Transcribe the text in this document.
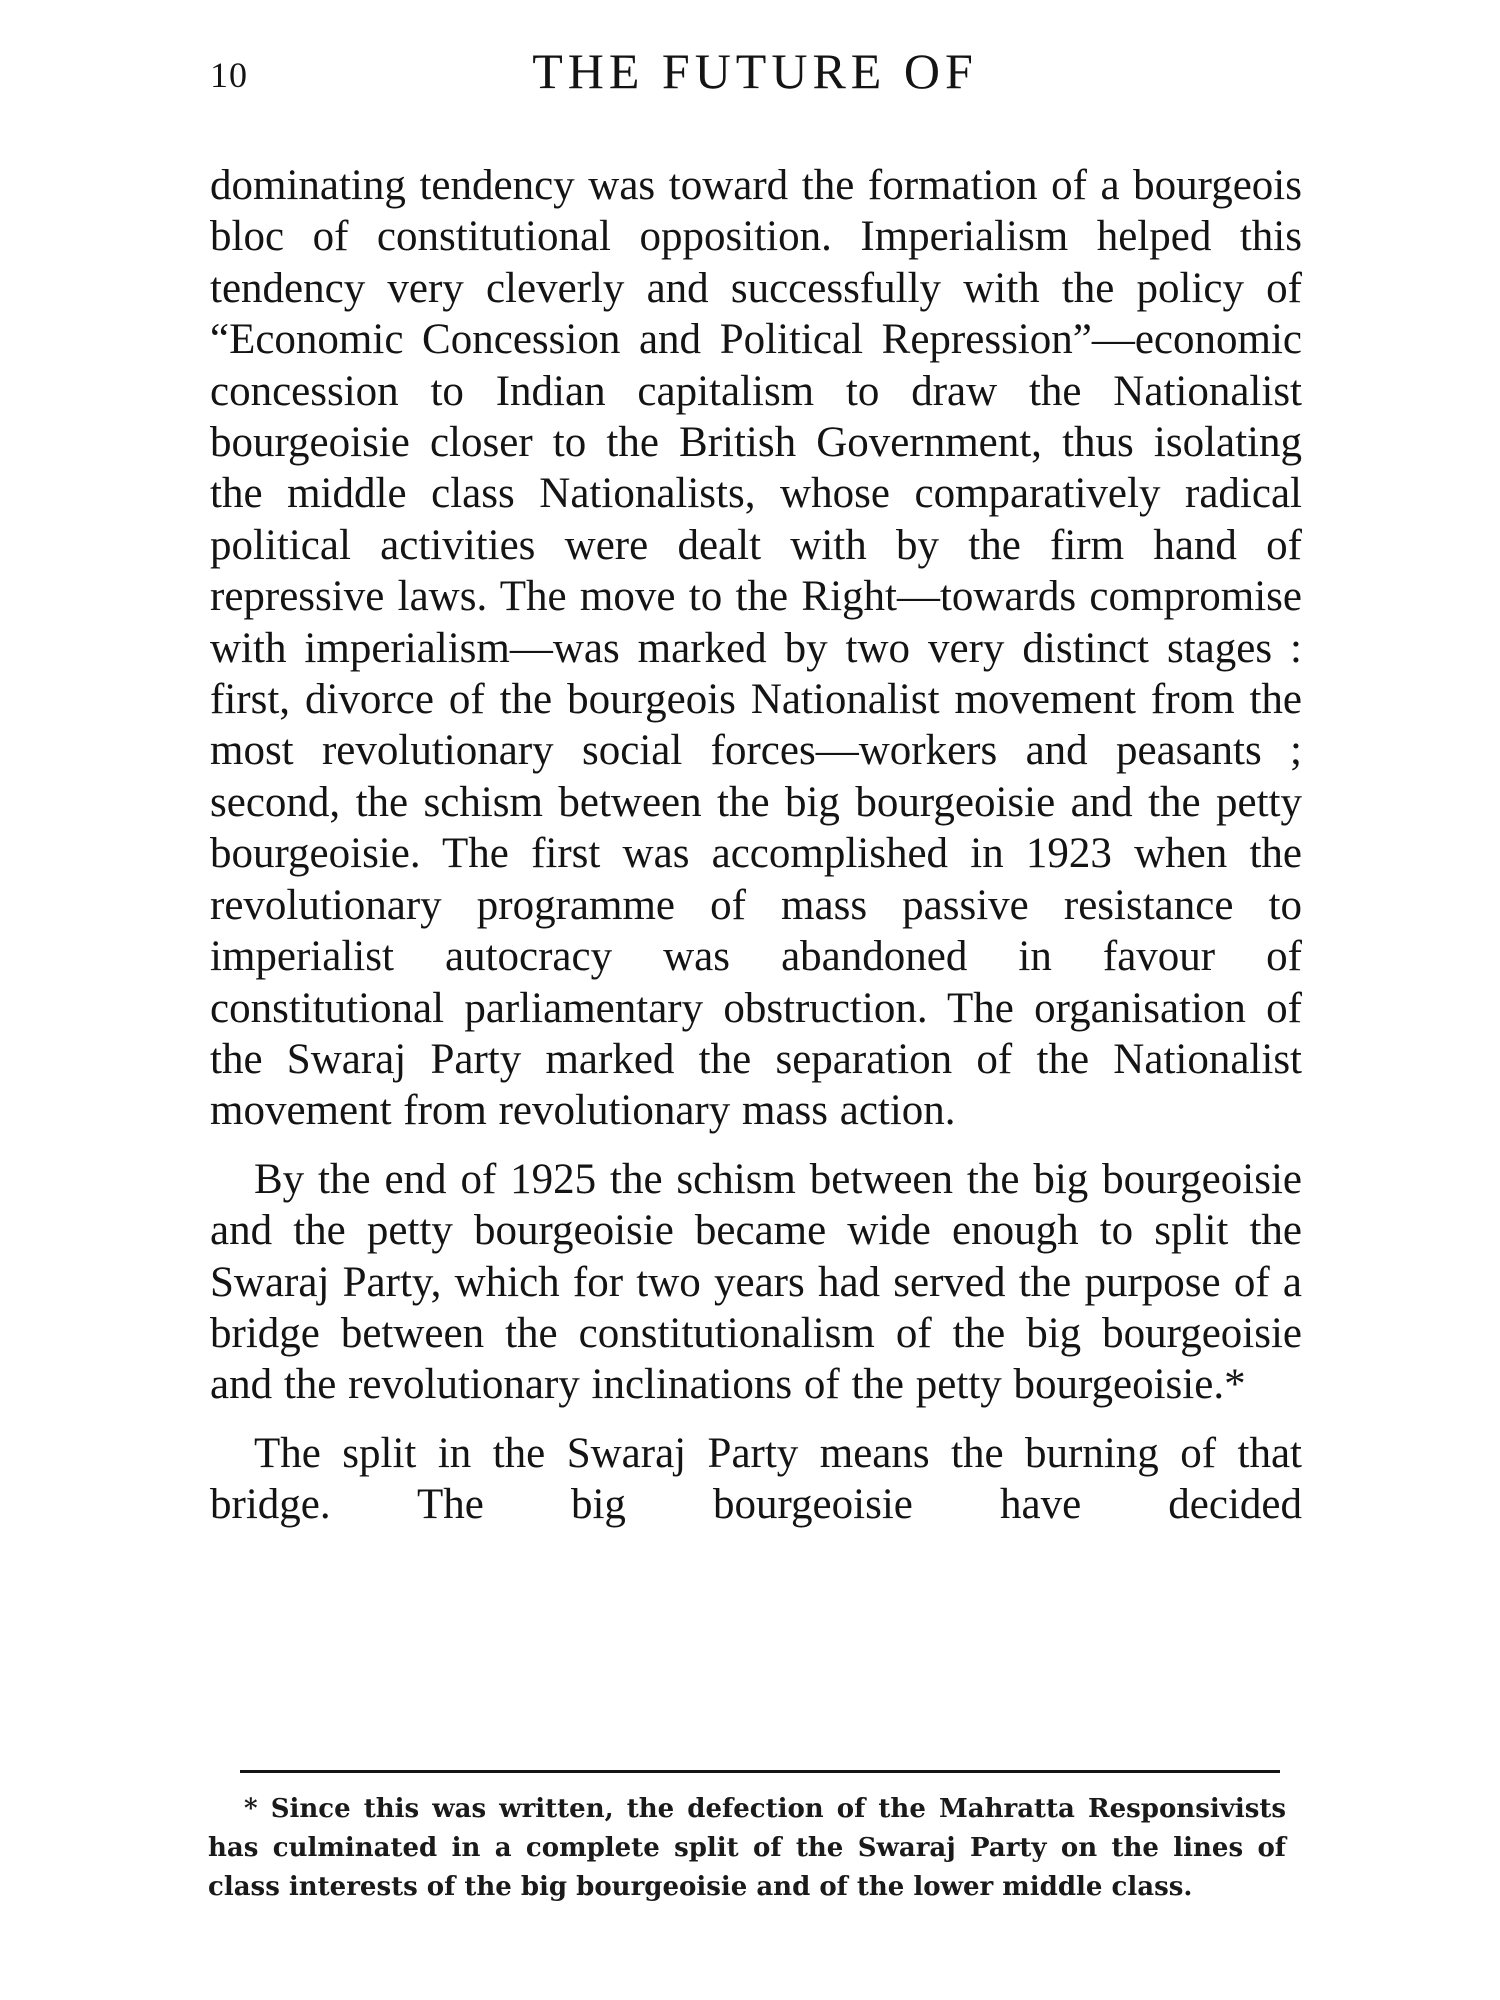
10	THE FUTURE OF

dominating tendency was toward the formation of a bourgeois bloc of constitutional opposition. Imperialism helped this tendency very cleverly and successfully with the policy of “Economic Concession and Political Repression”—economic concession to Indian capitalism to draw the Nationalist bourgeoisie closer to the British Government, thus isolating the middle class Nationalists, whose comparatively radical political activities were dealt with by the firm hand of repressive laws. The move to the Right—towards compromise with imperialism—was marked by two very distinct stages : first, divorce of the bourgeois Nationalist movement from the most revolutionary social forces—workers and peasants ; second, the schism between the big bourgeoisie and the petty bourgeoisie. The first was accomplished in 1923 when the revolutionary programme of mass passive resistance to imperialist autocracy was abandoned in favour of constitutional parliamentary obstruction. The organisation of the Swaraj Party marked the separation of the Nationalist movement from revolutionary mass action.

By the end of 1925 the schism between the big bourgeoisie and the petty bourgeoisie became wide enough to split the Swaraj Party, which for two years had served the purpose of a bridge between the constitutionalism of the big bourgeoisie and the revolutionary inclinations of the petty bourgeoisie.*

The split in the Swaraj Party means the burning of that bridge. The big bourgeoisie have decided

* Since this was written, the defection of the Mahratta Responsivists has culminated in a complete split of the Swaraj Party on the lines of class interests of the big bourgeoisie and of the lower middle class.
